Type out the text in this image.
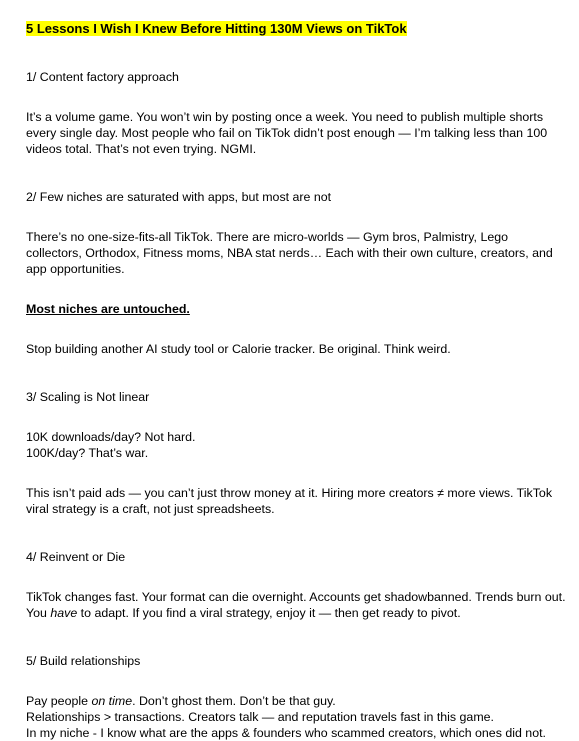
5 Lessons I Wish I Knew Before Hitting 130M Views on TikTok

1/ Content factory approach

It’s a volume game. You won’t win by posting once a week. You need to publish multiple shorts every single day. Most people who fail on TikTok didn’t post enough — I’m talking less than 100 videos total. That’s not even trying. NGMI.

2/ Few niches are saturated with apps, but most are not

There’s no one-size-fits-all TikTok. There are micro-worlds — Gym bros, Palmistry, Lego collectors, Orthodox, Fitness moms, NBA stat nerds… Each with their own culture, creators, and app opportunities.

Most niches are untouched.

Stop building another AI study tool or Calorie tracker. Be original. Think weird.

3/ Scaling is Not linear

10K downloads/day? Not hard.

100K/day? That’s war.

This isn’t paid ads — you can’t just throw money at it. Hiring more creators ≠ more views. TikTok viral strategy is a craft, not just spreadsheets.

4/ Reinvent or Die

TikTok changes fast. Your format can die overnight. Accounts get shadowbanned. Trends burn out. You have to adapt. If you find a viral strategy, enjoy it — then get ready to pivot.

5/ Build relationships

Pay people on time. Don’t ghost them. Don’t be that guy.

Relationships > transactions. Creators talk — and reputation travels fast in this game.

In my niche - I know what are the apps & founders who scammed creators, which ones did not.
